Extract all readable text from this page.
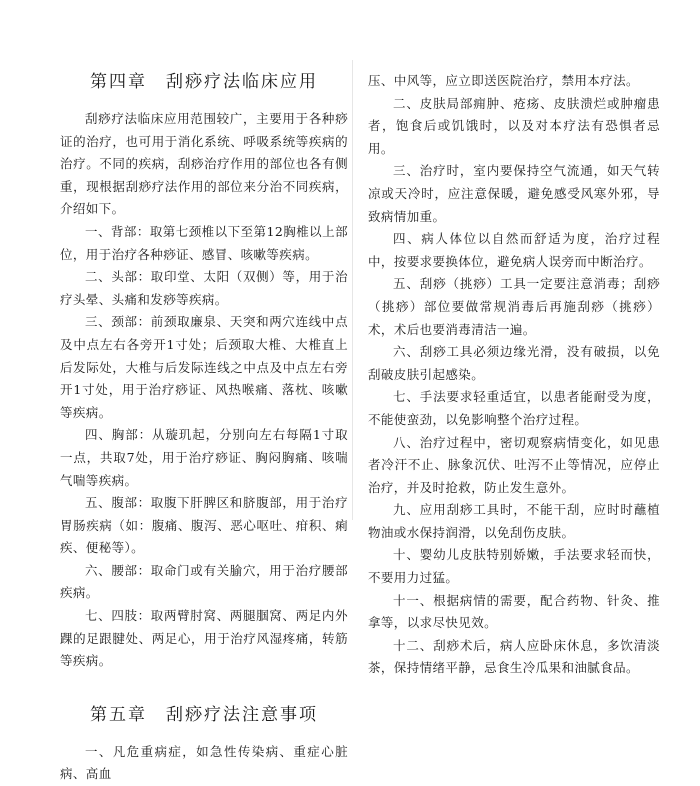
第四章　刮痧疗法临床应用

刮痧疗法临床应用范围较广，主要用于各种痧证的治疗，也可用于消化系统、呼吸系统等疾病的治疗。不同的疾病，刮痧治疗作用的部位也各有侧重，现根据刮痧疗法作用的部位来分治不同疾病，介绍如下。

一、背部：取第七颈椎以下至第12胸椎以上部位，用于治疗各种痧证、感冒、咳嗽等疾病。

二、头部：取印堂、太阳（双侧）等，用于治疗头晕、头痛和发痧等疾病。

三、颈部：前颈取廉泉、天突和两穴连线中点及中点左右各旁开1寸处；后颈取大椎、大椎直上后发际处，大椎与后发际连线之中点及中点左右旁开1寸处，用于治疗痧证、风热喉痛、落枕、咳嗽等疾病。

四、胸部：从璇玑起，分别向左右每隔1寸取一点，共取7处，用于治疗痧证、胸闷胸痛、咳喘气喘等疾病。

五、腹部：取腹下肝脾区和脐腹部，用于治疗胃肠疾病（如：腹痛、腹泻、恶心呕吐、疳积、痢疾、便秘等）。

六、腰部：取命门或有关腧穴，用于治疗腰部疾病。

七、四肢：取两臂肘窝、两腿腘窝、两足内外踝的足跟腱处、两足心，用于治疗风湿疼痛，转筋等疾病。

第五章　刮痧疗法注意事项

一、凡危重病症，如急性传染病、重症心脏病、高血

压、中风等，应立即送医院治疗，禁用本疗法。

二、皮肤局部痈肿、疮疡、皮肤溃烂或肿瘤患者，饱食后或饥饿时，以及对本疗法有恐惧者忌用。

三、治疗时，室内要保持空气流通，如天气转凉或天冷时，应注意保暖，避免感受风寒外邪，导致病情加重。

四、病人体位以自然而舒适为度，治疗过程中，按要求要换体位，避免病人误旁而中断治疗。

五、刮痧（挑痧）工具一定要注意消毒；刮痧（挑痧）部位要做常规消毒后再施刮痧（挑痧）术，术后也要消毒清洁一遍。

六、刮痧工具必须边缘光滑，没有破损，以免刮破皮肤引起感染。

七、手法要求轻重适宜，以患者能耐受为度，不能使蛮劲，以免影响整个治疗过程。

八、治疗过程中，密切观察病情变化，如见患者冷汗不止、脉象沉伏、吐泻不止等情况，应停止治疗，并及时抢救，防止发生意外。

九、应用刮痧工具时，不能干刮，应时时蘸植物油或水保持润滑，以免刮伤皮肤。

十、婴幼儿皮肤特别娇嫩，手法要求轻而快，不要用力过猛。

十一、根据病情的需要，配合药物、针灸、推拿等，以求尽快见效。

十二、刮痧术后，病人应卧床休息，多饮清淡茶，保持情绪平静，忌食生冷瓜果和油腻食品。
